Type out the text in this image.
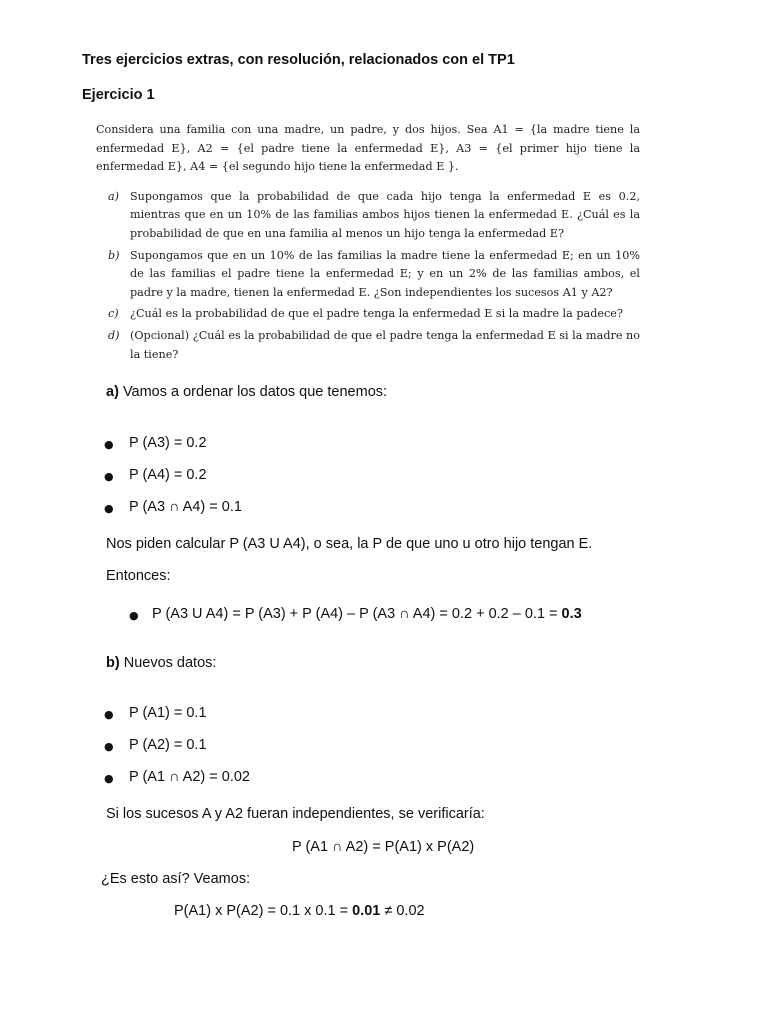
Tres ejercicios extras, con resolución, relacionados con el TP1
Ejercicio 1

Considera una familia con una madre, un padre, y dos hijos. Sea A1 = {la madre tiene la enfermedad E}, A2 = {el padre tiene la enfermedad E}, A3 = {el primer hijo tiene la enfermedad E}, A4 = {el segundo hijo tiene la enfermedad E }.

a) Supongamos que la probabilidad de que cada hijo tenga la enfermedad E es 0.2, mientras que en un 10% de las familias ambos hijos tienen la enfermedad E. ¿Cuál es la probabilidad de que en una familia al menos un hijo tenga la enfermedad E?
b) Supongamos que en un 10% de las familias la madre tiene la enfermedad E; en un 10% de las familias el padre tiene la enfermedad E; y en un 2% de las familias ambos, el padre y la madre, tienen la enfermedad E. ¿Son independientes los sucesos A1 y A2?
c)	¿Cuál es la probabilidad de que el padre tenga la enfermedad E si la madre la padece?
d) (Opcional) ¿Cuál es la probabilidad de que el padre tenga la enfermedad E si la madre no la tiene?
a) Vamos a ordenar los datos que tenemos:
● P (A3) = 0.2
● P (A4) = 0.2
● P (A3 ∩ A4) = 0.1
Nos piden calcular P (A3 U A4), o sea, la P de que uno u otro hijo tengan E.
Entonces:
● P (A3 U A4) = P (A3) + P (A4) – P (A3 ∩ A4) = 0.2 + 0.2 – 0.1 = 0.3
b) Nuevos datos:
● P (A1) = 0.1
● P (A2) = 0.1
● P (A1 ∩ A2) = 0.02
Si los sucesos A y A2 fueran independientes, se verificaría:
P (A1 ∩ A2) = P(A1) x P(A2)
¿Es esto así? Veamos:
P(A1) x P(A2) = 0.1 x 0.1 = 0.01 ≠ 0.02
